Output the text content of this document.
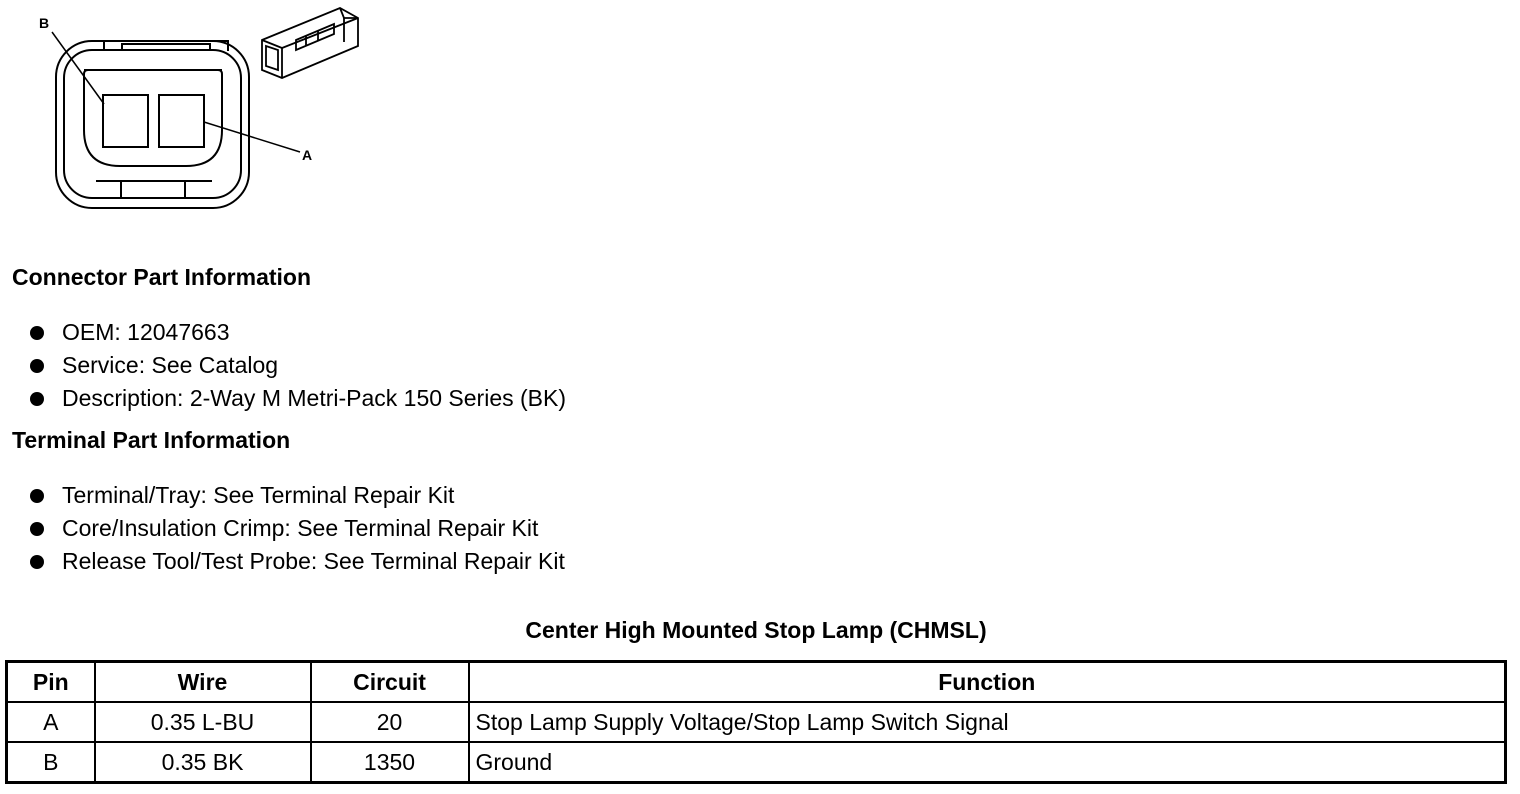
B
A
Connector Part Information
OEM: 12047663
Service: See Catalog
Description: 2-Way M Metri-Pack 150 Series (BK)
Terminal Part Information
Terminal/Tray: See Terminal Repair Kit
Core/Insulation Crimp: See Terminal Repair Kit
Release Tool/Test Probe: See Terminal Repair Kit
Center High Mounted Stop Lamp (CHMSL)
Pin	Wire	Circuit	Function
A	0.35 L-BU	20	Stop Lamp Supply Voltage/Stop Lamp Switch Signal
B	0.35 BK	1350	Ground
